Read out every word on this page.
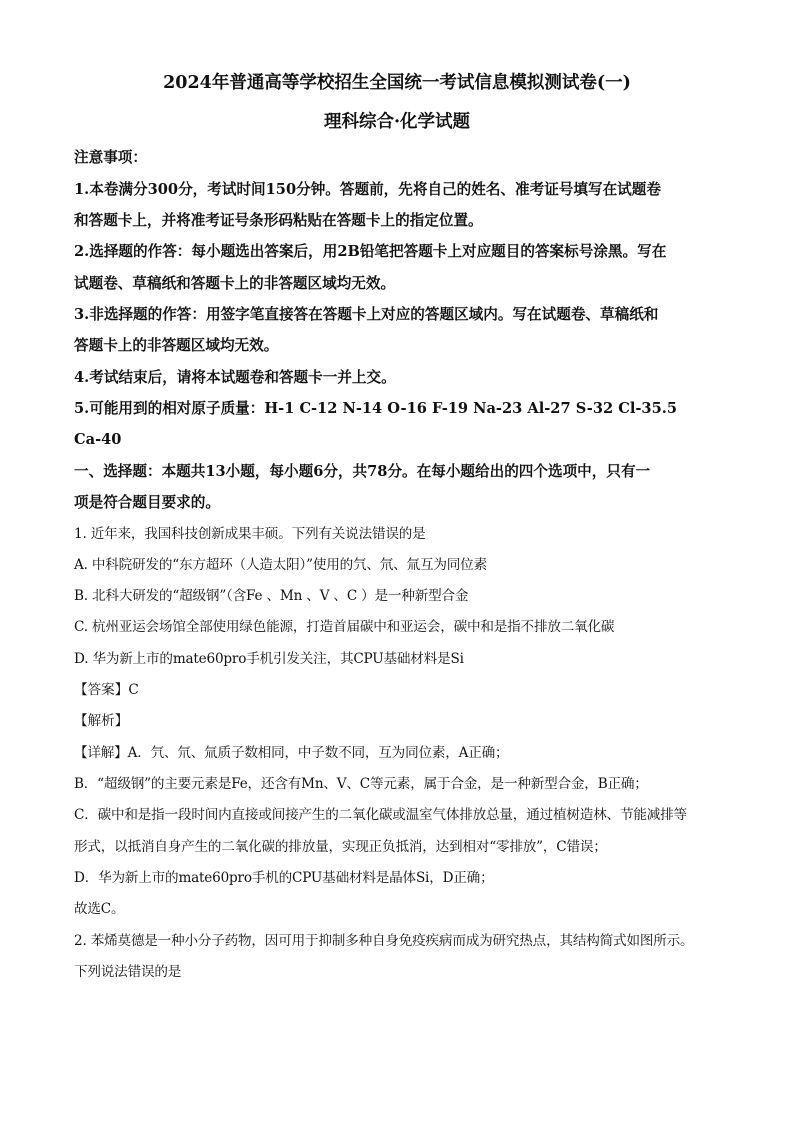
2024年普通高等学校招生全国统一考试信息模拟测试卷(一)
理科综合·化学试题
注意事项：
1.本卷满分300分，考试时间150分钟。答题前，先将自己的姓名、准考证号填写在试题卷
和答题卡上，并将准考证号条形码粘贴在答题卡上的指定位置。
2.选择题的作答：每小题选出答案后，用2B铅笔把答题卡上对应题目的答案标号涂黑。写在
试题卷、草稿纸和答题卡上的非答题区域均无效。
3.非选择题的作答：用签字笔直接答在答题卡上对应的答题区域内。写在试题卷、草稿纸和
答题卡上的非答题区域均无效。
4.考试结束后，请将本试题卷和答题卡一并上交。
5.可能用到的相对原子质量：H-1 C-12 N-14 O-16 F-19 Na-23 Al-27 S-32 Cl-35.5
Ca-40
一、选择题：本题共13小题，每小题6分，共78分。在每小题给出的四个选项中，只有一
项是符合题目要求的。
1. 近年来，我国科技创新成果丰硕。下列有关说法错误的是
A. 中科院研发的“东方超环（人造太阳）”使用的氕、氘、氚互为同位素
B. 北科大研发的“超级钢”（含Fe 、Mn 、V 、C ）是一种新型合金
C. 杭州亚运会场馆全部使用绿色能源，打造首届碳中和亚运会，碳中和是指不排放二氧化碳
D. 华为新上市的mate60pro手机引发关注，其CPU基础材料是Si
【答案】C
【解析】
【详解】A．氕、氘、氚质子数相同，中子数不同，互为同位素，A正确；
B．“超级钢”的主要元素是Fe，还含有Mn、V、C等元素，属于合金，是一种新型合金，B正确；
C．碳中和是指一段时间内直接或间接产生的二氧化碳或温室气体排放总量，通过植树造林、节能减排等
形式，以抵消自身产生的二氧化碳的排放量，实现正负抵消，达到相对“零排放”，C错误；
D．华为新上市的mate60pro手机的CPU基础材料是晶体Si，D正确；
故选C。
2. 苯烯莫德是一种小分子药物，因可用于抑制多种自身免疫疾病而成为研究热点，其结构简式如图所示。
下列说法错误的是
